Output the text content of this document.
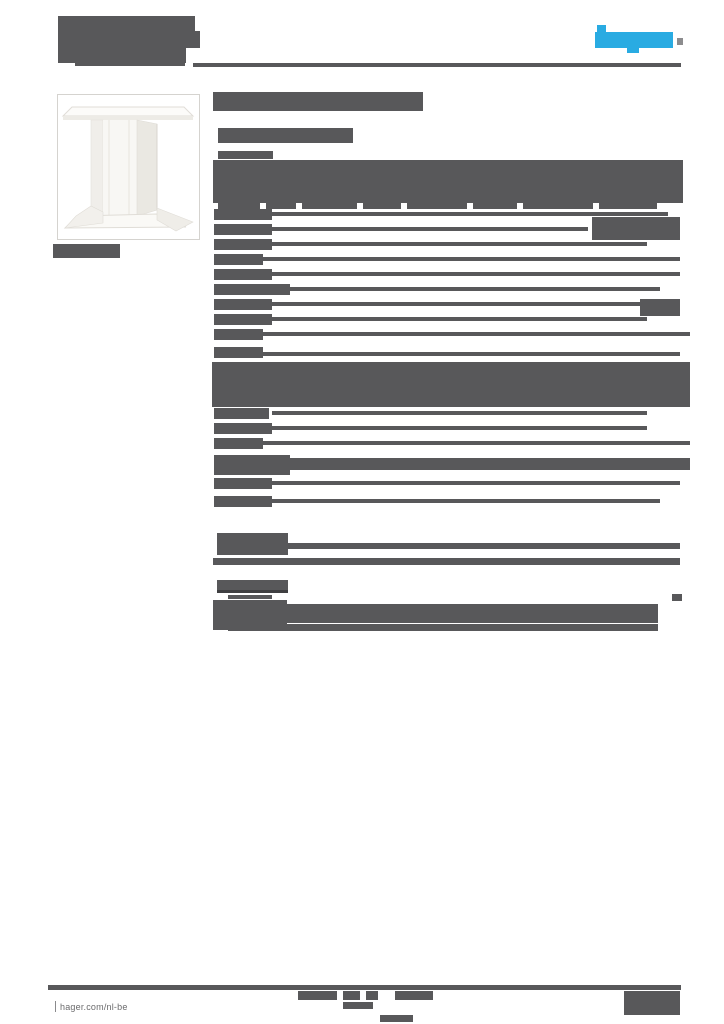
hager.com/nl-be
